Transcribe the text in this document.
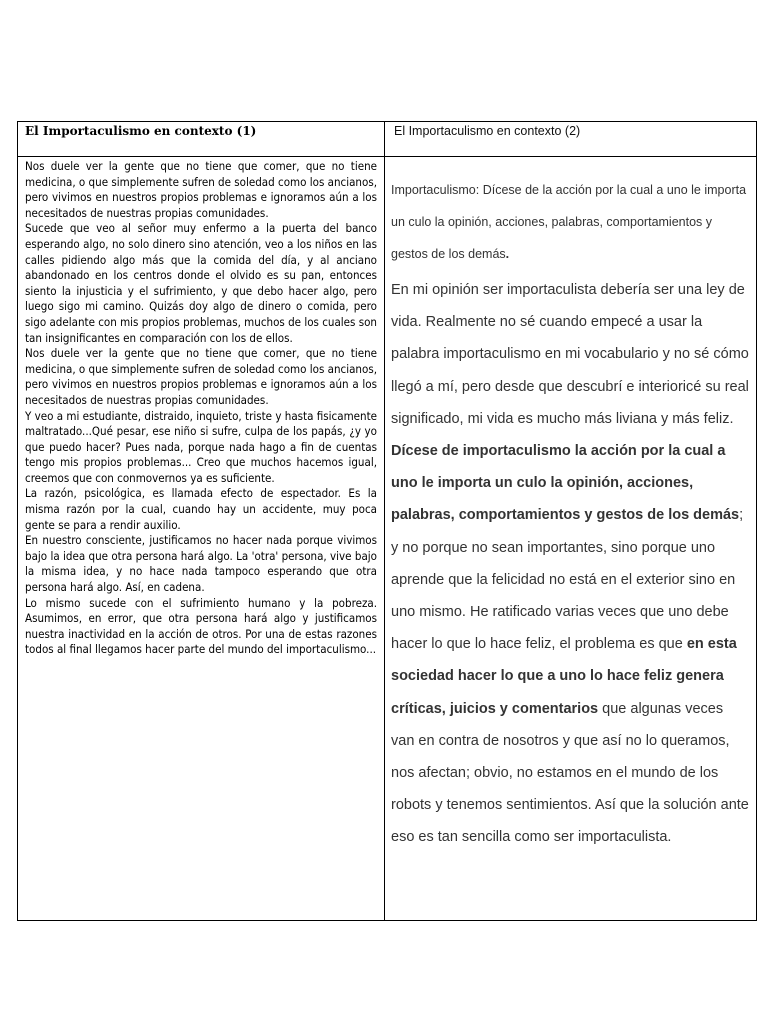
El Importaculismo en contexto (1)	El Importaculismo en contexto (2)

Nos duele ver la gente que no tiene que comer, que no tiene medicina, o que simplemente sufren de soledad como los ancianos, pero vivimos en nuestros propios problemas e ignoramos aún a los necesitados de nuestras propias comunidades.

Sucede que veo al señor muy enfermo a la puerta del banco esperando algo, no solo dinero sino atención, veo a los niños en las calles pidiendo algo más que la comida del día, y al anciano abandonado en los centros donde el olvido es su pan, entonces siento la injusticia y el sufrimiento, y que debo hacer algo, pero luego sigo mi camino. Quizás doy algo de dinero o comida, pero sigo adelante con mis propios problemas, muchos de los cuales son tan insignificantes en comparación con los de ellos.

Nos duele ver la gente que no tiene que comer, que no tiene medicina, o que simplemente sufren de soledad como los ancianos, pero vivimos en nuestros propios problemas e ignoramos aún a los necesitados de nuestras propias comunidades.

Y veo a mi estudiante, distraido, inquieto, triste y hasta fisicamente maltratado...Qué pesar, ese niño si sufre, culpa de los papás, ¿y yo que puedo hacer? Pues nada, porque nada hago a fin de cuentas tengo mis propios problemas... Creo que muchos hacemos igual, creemos que con conmovernos ya es suficiente.

La razón, psicológica, es llamada efecto de espectador. Es la misma razón por la cual, cuando hay un accidente, muy poca gente se para a rendir auxilio.

En nuestro consciente, justificamos no hacer nada porque vivimos bajo la idea que otra persona hará algo. La 'otra' persona, vive bajo la misma idea, y no hace nada tampoco esperando que otra persona hará algo. Así, en cadena.

Lo mismo sucede con el sufrimiento humano y la pobreza. Asumimos, en error, que otra persona hará algo y justificamos nuestra inactividad en la acción de otros. Por una de estas razones todos al final llegamos hacer parte del mundo del importaculismo...

Importaculismo: Dícese de la acción por la cual a uno le importa un culo la opinión, acciones, palabras, comportamientos y gestos de los demás.

En mi opinión ser importaculista debería ser una ley de vida. Realmente no sé cuando empecé a usar la palabra importaculismo en mi vocabulario y no sé cómo llegó a mí, pero desde que descubrí e interioricé su real significado, mi vida es mucho más liviana y más feliz. Dícese de importaculismo la acción por la cual a uno le importa un culo la opinión, acciones, palabras, comportamientos y gestos de los demás; y no porque no sean importantes, sino porque uno aprende que la felicidad no está en el exterior sino en uno mismo. He ratificado varias veces que uno debe hacer lo que lo hace feliz, el problema es que en esta sociedad hacer lo que a uno lo hace feliz genera críticas, juicios y comentarios que algunas veces van en contra de nosotros y que así no lo queramos, nos afectan; obvio, no estamos en el mundo de los robots y tenemos sentimientos. Así que la solución ante eso es tan sencilla como ser importaculista.
